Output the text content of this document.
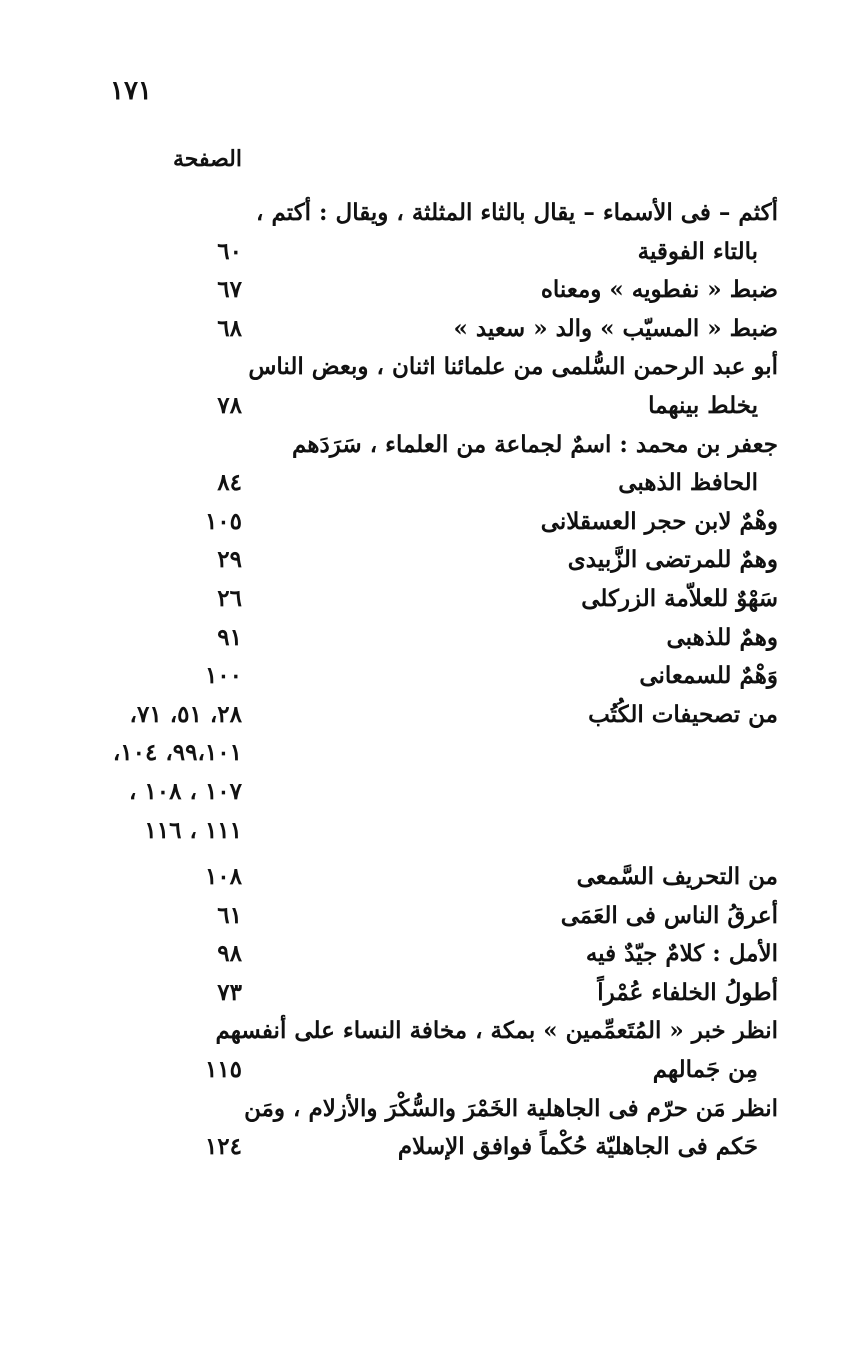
١٧١
الصفحة
أكثم – فى الأسماء – يقال بالثاء المثلثة ، ويقال : أكتم ،
بالتاء الفوقية
٦٠
ضبط « نفطويه » ومعناه
٦٧
ضبط « المسيّب » والد « سعيد »
٦٨
أبو عبد الرحمن السُّلمى من علمائنا اثنان ، وبعض الناس
يخلط بينهما
٧٨
جعفر بن محمد : اسمٌ لجماعة من العلماء ، سَرَدَهم
الحافظ الذهبى
٨٤
وهْمٌ لابن حجر العسقلانى
١٠٥
وهمٌ للمرتضى الزَّبيدى
٢٩
سَهْوٌ للعلاّمة الزركلى
٢٦
وهمٌ للذهبى
٩١
وَهْمٌ للسمعانى
١٠٠
من تصحيفات الكُتُب
٢٨، ٥١، ٧١،
٩٩،١٠١، ١٠٤،
١٠٧ ، ١٠٨ ،
١١١ ، ١١٦
من التحريف السَّمعى
١٠٨
أعرقُ الناس فى العَمَى
٦١
الأمل : كلامٌ جيّدٌ فيه
٩٨
أطولُ الخلفاء عُمْراً
٧٣
انظر خبر « المُتَعمِّمين » بمكة ، مخافة النساء على أنفسهم
مِن جَمالهم
١١٥
انظر مَن حرّم فى الجاهلية الخَمْرَ والسُّكْرَ والأزلام ، ومَن
حَكم فى الجاهليّة حُكْماً فوافق الإسلام
١٢٤
